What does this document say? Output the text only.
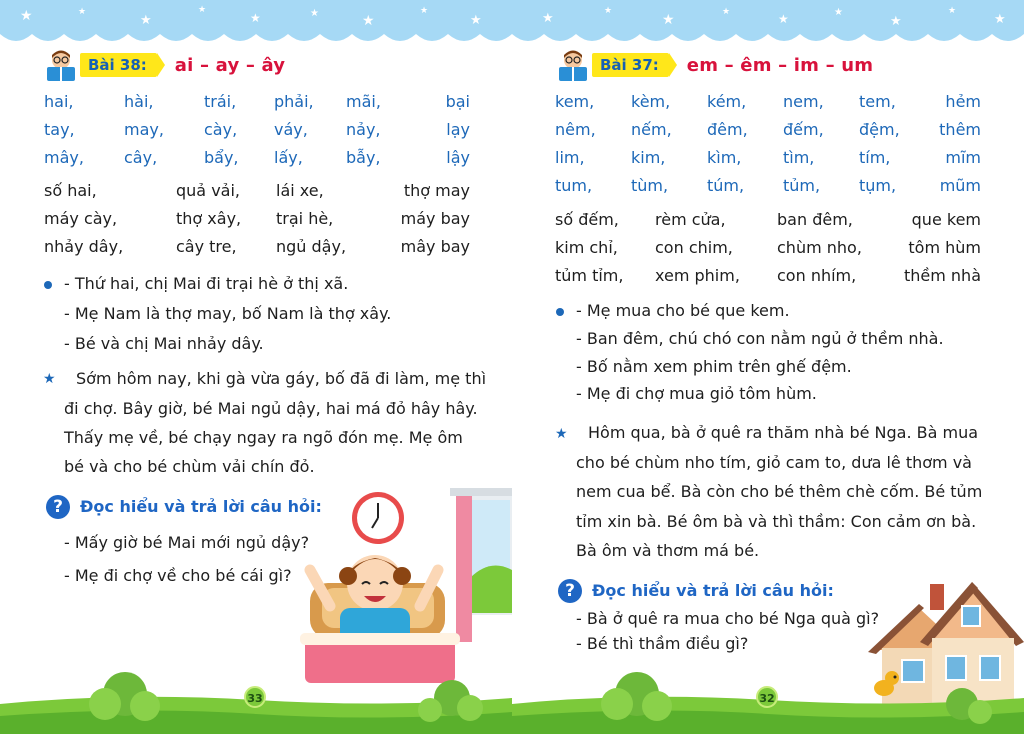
★	★
★
★
★	★	★
★
★
Bài 38:	ai – ay – ây
hai,	hài,	trái,	phải,	mãi,	bại
tay,	may,	cày,	váy,	nảy,	lạy
mây,	cây,	bẩy,	lấy,	bẫy,	lậy
số hai,	quả vải,	lái xe,	thợ may
máy cày,	thợ xây,	trại hè,	máy bay
nhảy dây,	cây tre,	ngủ dậy,	mây bay
- Thứ hai, chị Mai đi trại hè ở thị xã.
- Mẹ Nam là thợ may, bố Nam là thợ xây.
- Bé và chị Mai nhảy dây.
★	Sớm hôm nay, khi gà vừa gáy, bố đã đi làm, mẹ thì
đi chợ. Bây giờ, bé Mai ngủ dậy, hai má đỏ hây hây.
Thấy mẹ về, bé chạy ngay ra ngõ đón mẹ. Mẹ ôm
bé và cho bé chùm vải chín đỏ.
?	Đọc hiểu và trả lời câu hỏi:
- Mấy giờ bé Mai mới ngủ dậy?
- Mẹ đi chợ về cho bé cái gì?
33
★	★
★	★	★	★
★
★
★
Bài 37:	em – êm – im – um
kem,	kèm,	kém,	nem,	tem,	hẻm
nêm,	nếm,	đêm,	đếm,	đệm,	thêm
lim,	kim,	kìm,	tìm,	tím,	mĩm
tum,	tùm,	túm,	tủm,	tụm,	mũm
số đếm,	rèm cửa,	ban đêm,	que kem
kim chỉ,	con chim,	chùm nho,	tôm hùm
tủm tỉm,	xem phim,	con nhím,	thềm nhà
- Mẹ mua cho bé que kem.
- Ban đêm, chú chó con nằm ngủ ở thềm nhà.
- Bố nằm xem phim trên ghế đệm.
- Mẹ đi chợ mua giỏ tôm hùm.
★	Hôm qua, bà ở quê ra thăm nhà bé Nga. Bà mua
cho bé chùm nho tím, giỏ cam to, dưa lê thơm và
nem cua bể. Bà còn cho bé thêm chè cốm. Bé tủm
tỉm xin bà. Bé ôm bà và thì thầm: Con cảm ơn bà.
Bà ôm và thơm má bé.
?	Đọc hiểu và trả lời câu hỏi:
- Bà ở quê ra mua cho bé Nga quà gì?
- Bé thì thầm điều gì?
32
